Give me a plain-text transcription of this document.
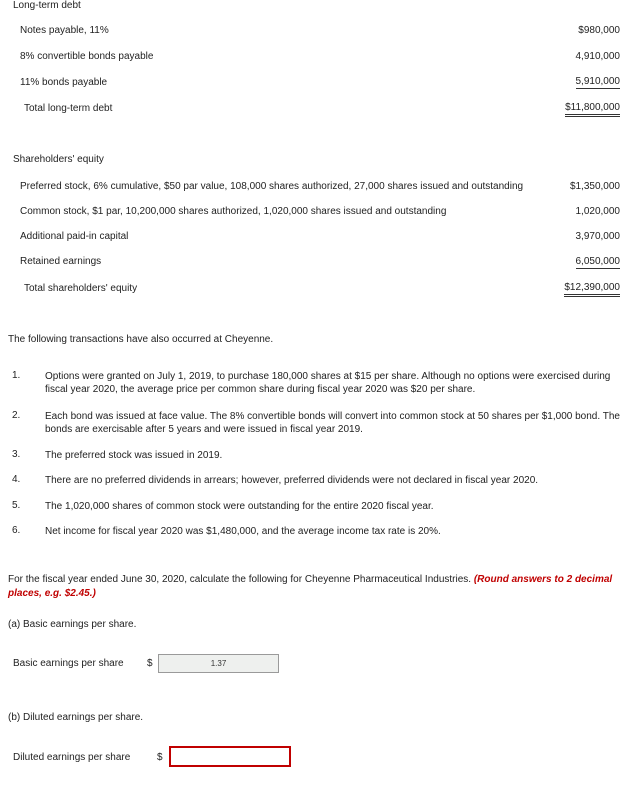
Long-term debt
Notes payable, 11%	$980,000
8% convertible bonds payable	4,910,000
11% bonds payable	5,910,000
Total long-term debt	$11,800,000
Shareholders' equity
Preferred stock, 6% cumulative, $50 par value, 108,000 shares authorized, 27,000 shares issued and outstanding	$1,350,000
Common stock, $1 par, 10,200,000 shares authorized, 1,020,000 shares issued and outstanding	1,020,000
Additional paid-in capital	3,970,000
Retained earnings	6,050,000
Total shareholders' equity	$12,390,000
The following transactions have also occurred at Cheyenne.
1. Options were granted on July 1, 2019, to purchase 180,000 shares at $15 per share. Although no options were exercised during fiscal year 2020, the average price per common share during fiscal year 2020 was $20 per share.
2. Each bond was issued at face value. The 8% convertible bonds will convert into common stock at 50 shares per $1,000 bond. The bonds are exercisable after 5 years and were issued in fiscal year 2019.
3. The preferred stock was issued in 2019.
4. There are no preferred dividends in arrears; however, preferred dividends were not declared in fiscal year 2020.
5. The 1,020,000 shares of common stock were outstanding for the entire 2020 fiscal year.
6. Net income for fiscal year 2020 was $1,480,000, and the average income tax rate is 20%.
For the fiscal year ended June 30, 2020, calculate the following for Cheyenne Pharmaceutical Industries. (Round answers to 2 decimal places, e.g. $2.45.)
(a) Basic earnings per share.
Basic earnings per share $	1.37
(b) Diluted earnings per share.
Diluted earnings per share	$
